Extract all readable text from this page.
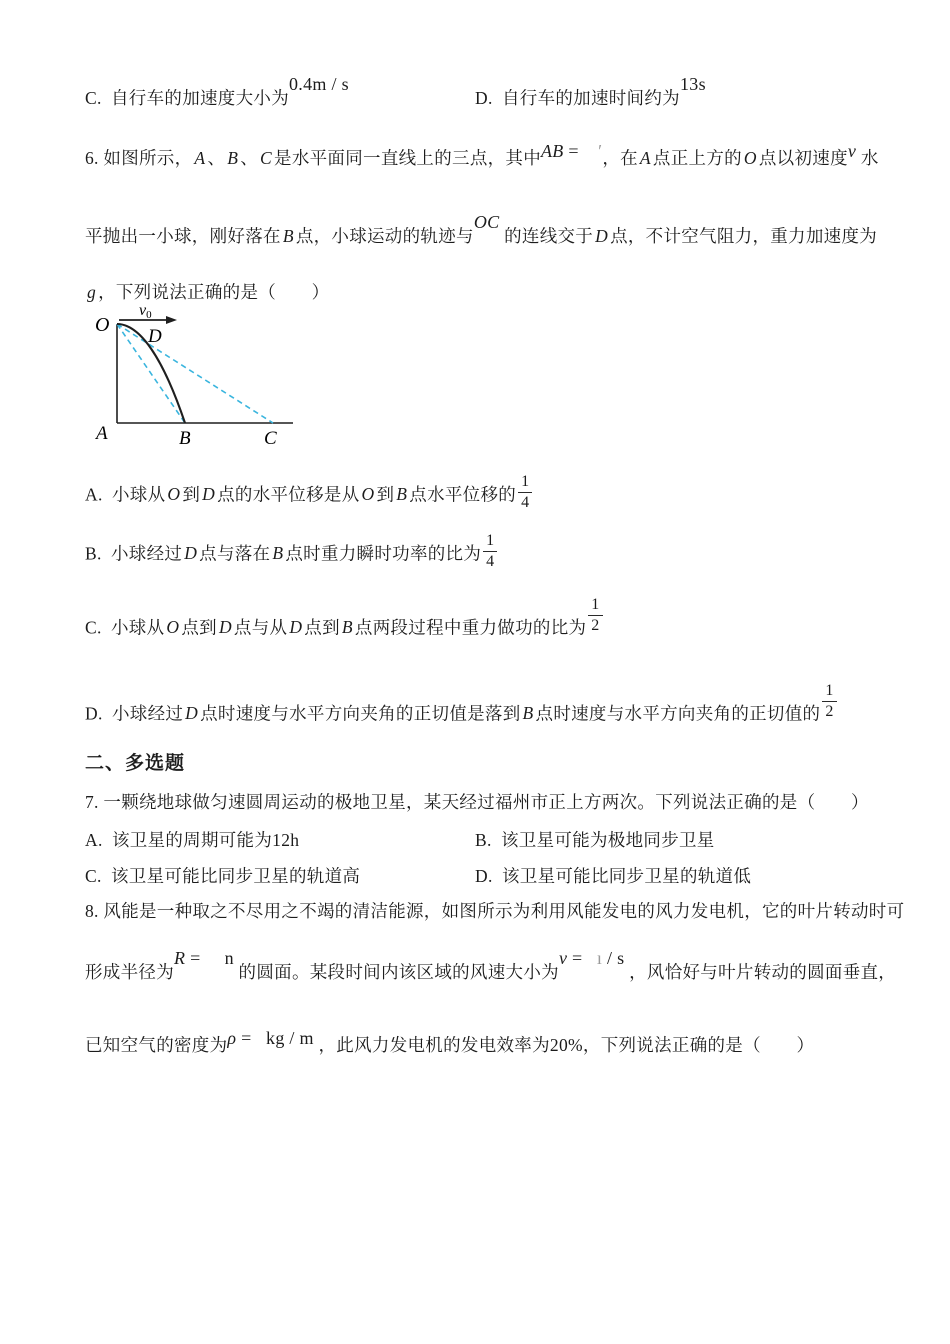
C.  自行车的加速度大小为0.4m / s
D.  自行车的加速时间约为13s
6. 如图所示， A 、 B 、 C 是水平面同一直线上的三点，其中AB =    ′，在 A 点正上方的 O 点以初速度v 水
平抛出一小球，刚好落在 B 点，小球运动的轨迹与OC 的连线交于 D 点，不计空气阻力，重力加速度为
g ，下列说法正确的是（　　）
O
v0
D
A	B	C
A.  小球从 O 到 D 点的水平位移是从 O 到 B 点水平位移的 $\frac{1}{4}$
B.  小球经过 D 点与落在 B 点时重力瞬时功率的比为 $\frac{1}{4}$
C.  小球从 O 点到 D 点与从 D 点到 B 点两段过程中重力做功的比为 $\frac{1}{2}$
D.  小球经过 D 点时速度与水平方向夹角的正切值是落到 B 点时速度与水平方向夹角的正切值的 $\frac{1}{2}$
二、多选题
7. 一颗绕地球做匀速圆周运动的极地卫星，某天经过福州市正上方两次。下列说法正确的是（　　）
A.  该卫星的周期可能为12h	B.  该卫星可能为极地同步卫星
C.  该卫星可能比同步卫星的轨道高	D.  该卫星可能比同步卫星的轨道低
8. 风能是一种取之不尽用之不竭的清洁能源，如图所示为利用风能发电的风力发电机，它的叶片转动时可
形成半径为R =     n 的圆面。某段时间内该区域的风速大小为v =   ı / s ，风恰好与叶片转动的圆面垂直，
已知空气的密度为ρ =   kg / m ，此风力发电机的发电效率为20%，下列说法正确的是（　　）
